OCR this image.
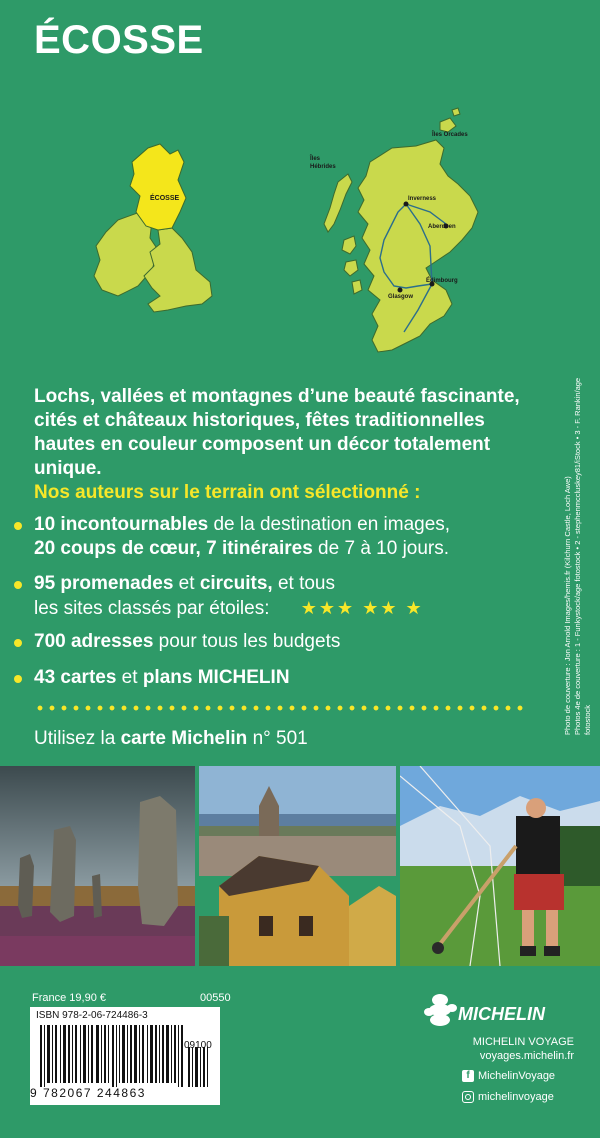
ÉCOSSE
ÉCOSSE
Îles Orcades
Îles
Hébrides
Inverness
Aberdeen
Édimbourg
Glasgow
Lochs, vallées et montagnes d’une beauté fascinante, cités et châteaux historiques, fêtes traditionnelles hautes en couleur composent un décor totalement unique.
Nos auteurs sur le terrain ont sélectionné :
10 incontournables de la destination en images,
20 coups de cœur, 7 itinéraires de 7 à 10 jours.
95 promenades et circuits, et tous
les sites classés par étoiles: ★★★ ★★ ★
700 adresses pour tous les budgets
43 cartes et plans MICHELIN
Utilisez la carte Michelin n° 501
Photo de couverture : Jon Arnold Images/hemis.fr (Kilchurn Castle, Loch Awe) Photos 4e de couverture : 1 - Funkystock/age fotostock • 2 - stephenmccluskey81/iStock • 3 - F. Rankin/age fotostock
France 19,90 €	00550
ISBN 978-2-06-724486-3
09100
9 782067 244863
MICHELIN
MICHELIN VOYAGE
voyages.michelin.fr
f MichelinVoyage
michelinvoyage
